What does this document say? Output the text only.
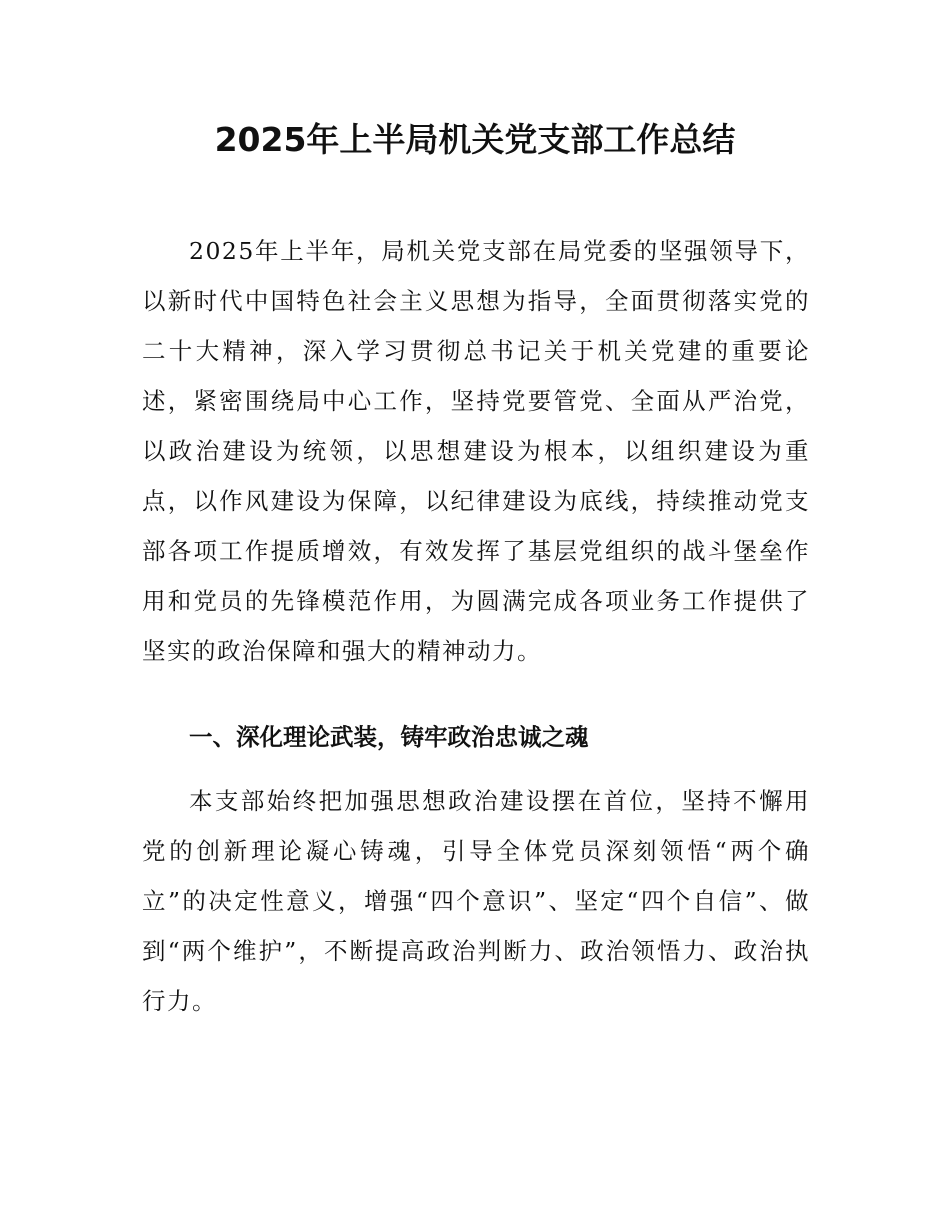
2025年上半局机关党支部工作总结

2025年上半年，局机关党支部在局党委的坚强领导下，以新时代中国特色社会主义思想为指导，全面贯彻落实党的二十大精神，深入学习贯彻总书记关于机关党建的重要论述，紧密围绕局中心工作，坚持党要管党、全面从严治党，以政治建设为统领，以思想建设为根本，以组织建设为重点，以作风建设为保障，以纪律建设为底线，持续推动党支部各项工作提质增效，有效发挥了基层党组织的战斗堡垒作用和党员的先锋模范作用，为圆满完成各项业务工作提供了坚实的政治保障和强大的精神动力。

一、深化理论武装，铸牢政治忠诚之魂

本支部始终把加强思想政治建设摆在首位，坚持不懈用党的创新理论凝心铸魂，引导全体党员深刻领悟“两个确立”的决定性意义，增强“四个意识”、坚定“四个自信”、做到“两个维护”，不断提高政治判断力、政治领悟力、政治执行力。
